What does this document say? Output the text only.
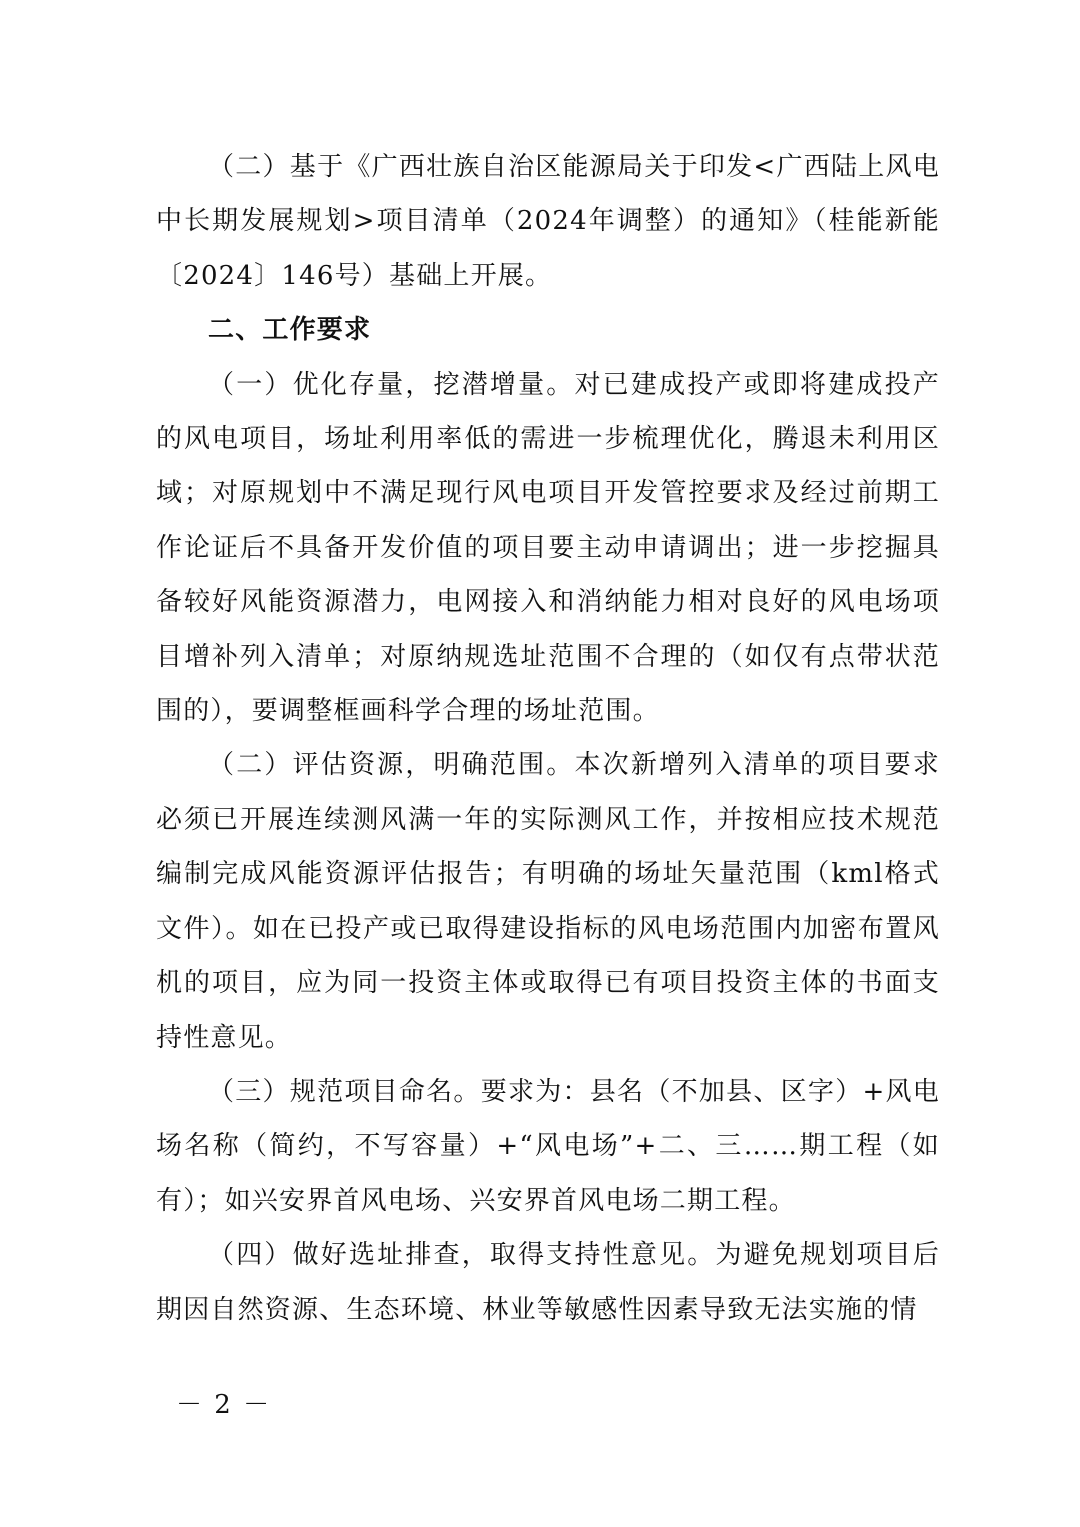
（二）基于《广西壮族自治区能源局关于印发<广西陆上风电中长期发展规划>项目清单（2024年调整）的通知》（桂能新能〔2024〕146号）基础上开展。

二、工作要求

（一）优化存量，挖潜增量。对已建成投产或即将建成投产的风电项目，场址利用率低的需进一步梳理优化，腾退未利用区域；对原规划中不满足现行风电项目开发管控要求及经过前期工作论证后不具备开发价值的项目要主动申请调出；进一步挖掘具备较好风能资源潜力，电网接入和消纳能力相对良好的风电场项目增补列入清单；对原纳规选址范围不合理的（如仅有点带状范围的），要调整框画科学合理的场址范围。

（二）评估资源，明确范围。本次新增列入清单的项目要求必须已开展连续测风满一年的实际测风工作，并按相应技术规范编制完成风能资源评估报告；有明确的场址矢量范围（kml格式文件）。如在已投产或已取得建设指标的风电场范围内加密布置风机的项目，应为同一投资主体或取得已有项目投资主体的书面支持性意见。

（三）规范项目命名。要求为：县名（不加县、区字）+风电场名称（简约，不写容量）+“风电场”+二、三……期工程（如有）；如兴安界首风电场、兴安界首风电场二期工程。

（四）做好选址排查，取得支持性意见。为避免规划项目后期因自然资源、生态环境、林业等敏感性因素导致无法实施的情

－ 2 －
